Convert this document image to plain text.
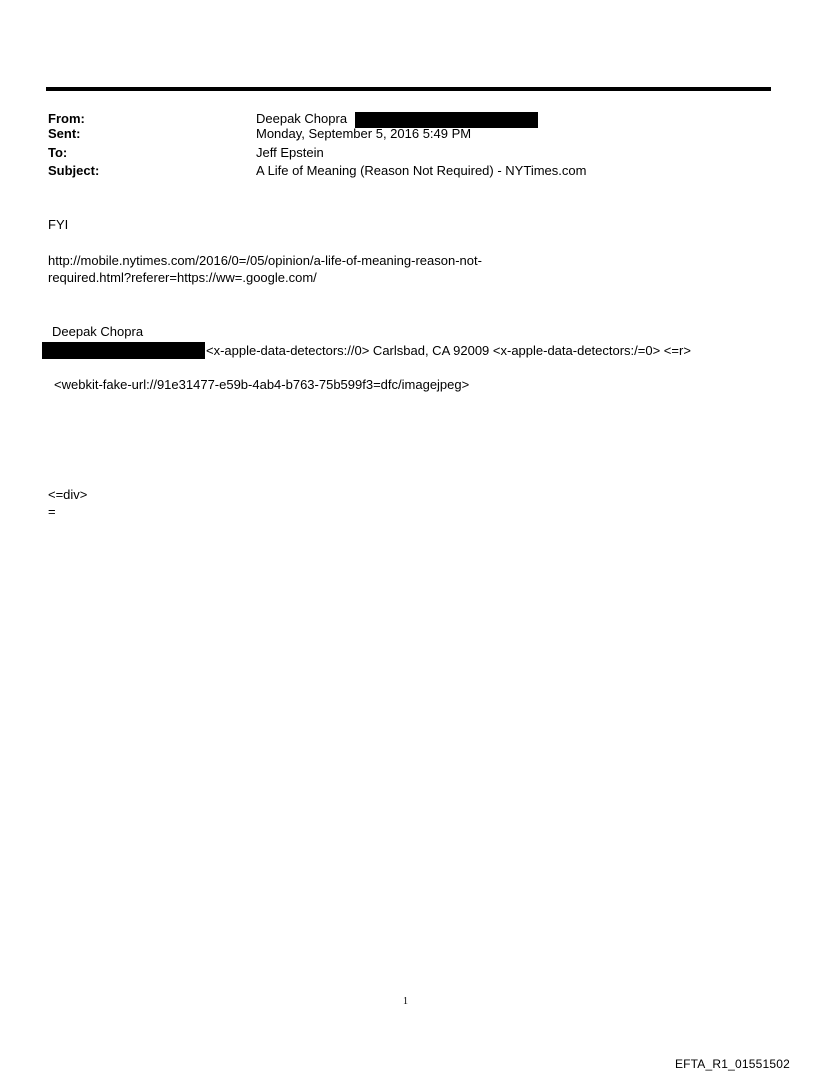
From:	Deepak Chopra
Sent:	Monday, September 5, 2016 5:49 PM
To:	Jeff Epstein
Subject:	A Life of Meaning (Reason Not Required) - NYTimes.com
FYI
http://mobile.nytimes.com/2016/0=/05/opinion/a-life-of-meaning-reason-not-
required.html?referer=https://ww=.google.com/
Deepak Chopra
<x-apple-data-detectors://0> Carlsbad, CA 92009 <x-apple-data-detectors:/=0> <=r>
<webkit-fake-url://91e31477-e59b-4ab4-b763-75b599f3=dfc/imagejpeg>
<=div>
=
1
EFTA_R1_01551502
